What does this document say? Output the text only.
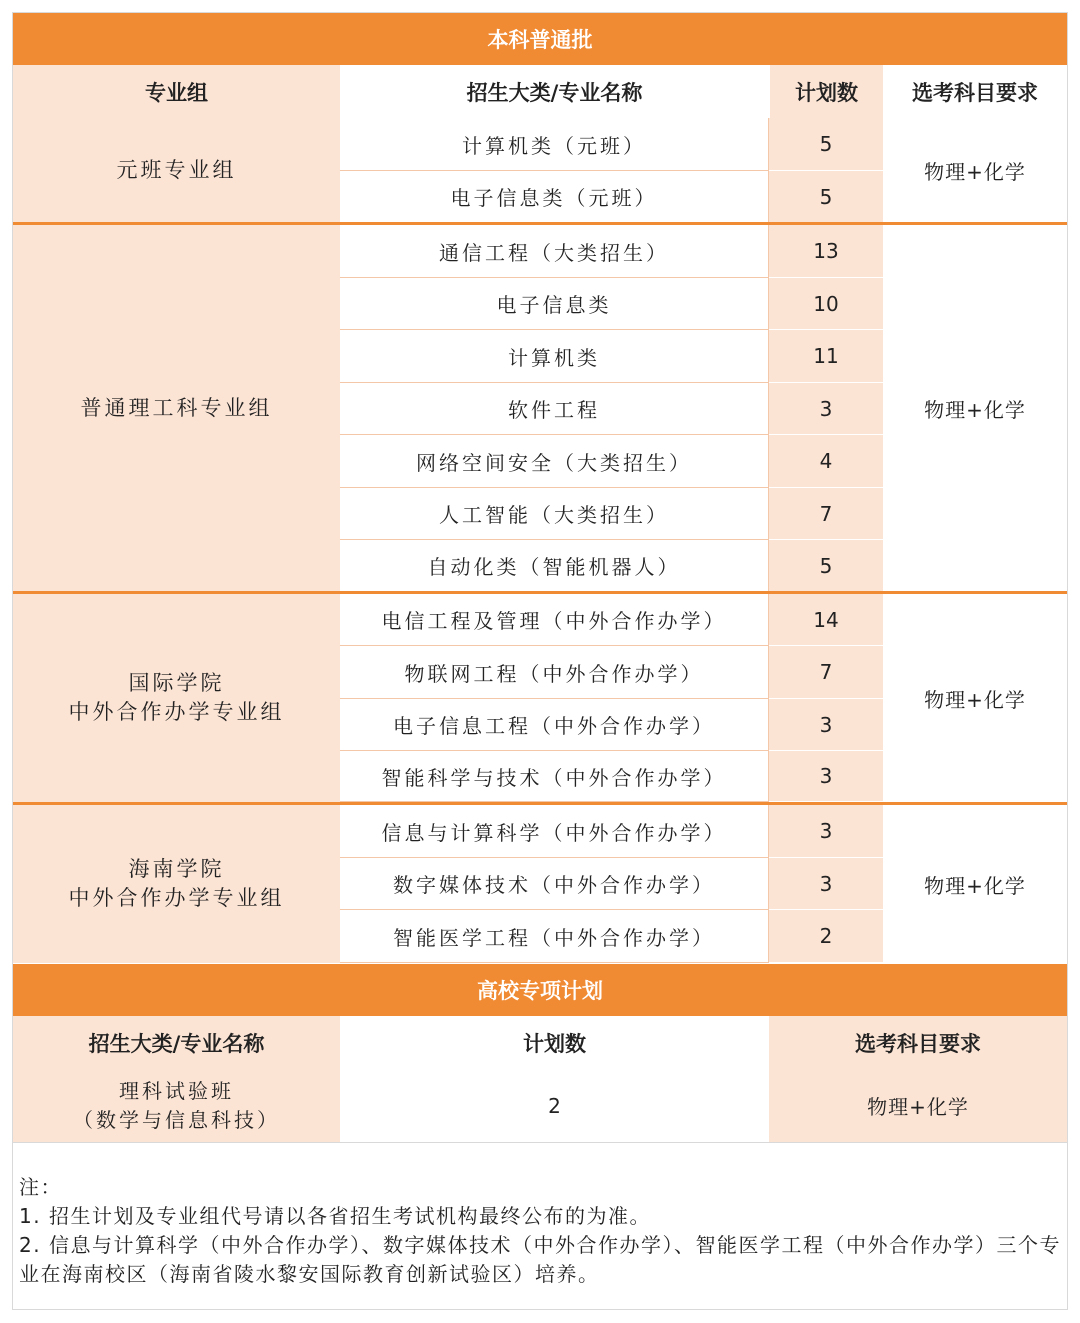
本科普通批
专业组	招生大类/专业名称	计划数	选考科目要求
元班专业组
计算机类（元班）	5
电子信息类（元班）	5
物理+化学
普通理工科专业组
通信工程（大类招生）	13
电子信息类	10
计算机类	11
软件工程	3
网络空间安全（大类招生）	4
人工智能（大类招生）	7
自动化类（智能机器人）	5
物理+化学
国际学院
中外合作办学专业组
电信工程及管理（中外合作办学）	14
物联网工程（中外合作办学）	7
电子信息工程（中外合作办学）	3
智能科学与技术（中外合作办学）	3
物理+化学
海南学院
中外合作办学专业组
信息与计算科学（中外合作办学）	3
数字媒体技术（中外合作办学）	3
智能医学工程（中外合作办学）	2
物理+化学
高校专项计划
招生大类/专业名称	计划数	选考科目要求
理科试验班
（数学与信息科技）
2	物理+化学
注：
1. 招生计划及专业组代号请以各省招生考试机构最终公布的为准。
2. 信息与计算科学（中外合作办学）、数字媒体技术（中外合作办学）、智能医学工程（中外合作办学）三个专业在海南校区（海南省陵水黎安国际教育创新试验区）培养。
